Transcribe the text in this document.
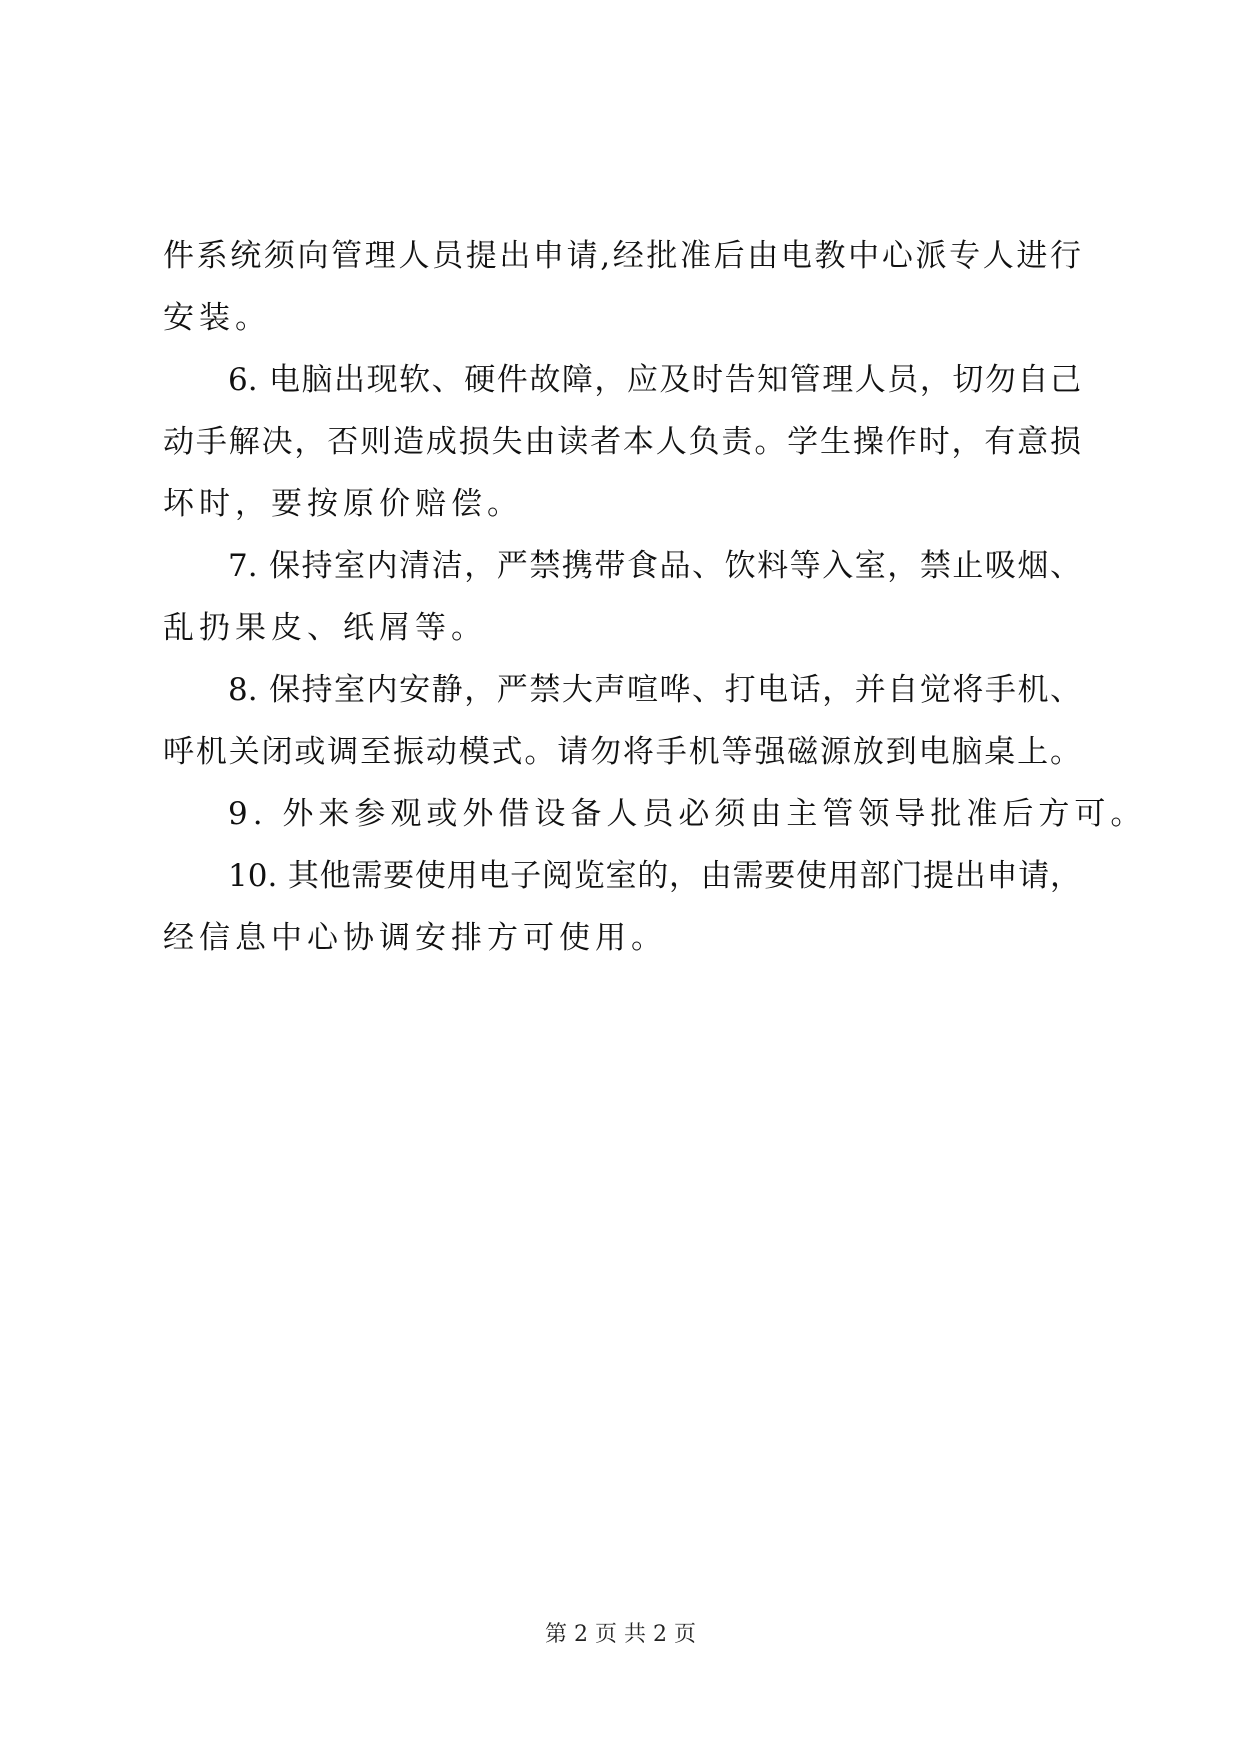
件系统须向管理人员提出申请,经批准后由电教中心派专人进行
安装。
6. 电脑出现软、硬件故障，应及时告知管理人员，切勿自己
动手解决，否则造成损失由读者本人负责。学生操作时，有意损
坏时，要按原价赔偿。
7. 保持室内清洁，严禁携带食品、饮料等入室，禁止吸烟、
乱扔果皮、纸屑等。
8. 保持室内安静，严禁大声喧哗、打电话，并自觉将手机、
呼机关闭或调至振动模式。请勿将手机等强磁源放到电脑桌上。
9. 外来参观或外借设备人员必须由主管领导批准后方可。
10. 其他需要使用电子阅览室的，由需要使用部门提出申请，
经信息中心协调安排方可使用。
第 2 页 共 2 页
